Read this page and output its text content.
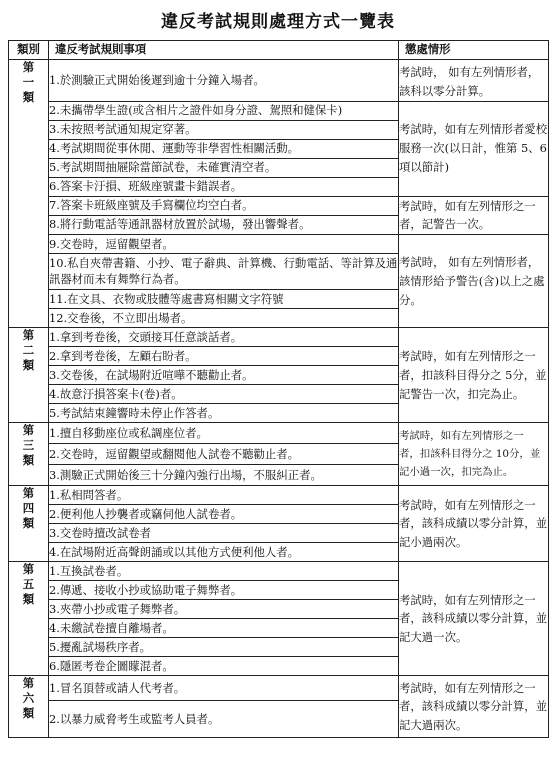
違反考試規則處理方式一覽表
類別	違反考試規則事項	懲處情形

第
一
類	1.於測驗正式開始後遲到逾十分鐘入場者。	考試時， 如有左列情形者，該科以零分計算。
	2.未攜帶學生證(或含相片之證件如身分證、駕照和健保卡)	考試時，如有左列情形者愛校服務一次(以日計，惟第 5、6 項以節計)
	3.未按照考試通知規定穿著。	
	4.考試期間從事休閒、運動等非學習性相關活動。	
	5.考試期間抽屜除當節試卷，未確實清空者。	
	6.答案卡汙損、班級座號畫卡錯誤者。	
	7.答案卡班級座號及手寫欄位均空白者。	考試時，如有左列情形之一者，記警告一次。
	8.將行動電話等通訊器材放置於試場，發出響聲者。	
	9.交卷時，逗留觀望者。	考試時， 如有左列情形者，該情形給予警告(含)以上之處分。
	10.私自夾帶書籍、小抄、電子辭典、計算機、行動電話、等計算及通訊器材而未有舞弊行為者。	
	11.在文具、衣物或肢體等處書寫相關文字符號	
	12.交卷後，不立即出場者。	

第
二
類	1.拿到考卷後，交頭接耳任意談話者。	考試時，如有左列情形之一者，扣該科目得分之 5分，並記警告一次，扣完為止。
	2.拿到考卷後，左顧右盼者。	
	3.交卷後，在試場附近喧嘩不聽勸止者。	
	4.故意汙損答案卡(卷)者。	
	5.考試結束鐘響時未停止作答者。	

第
三
類	1.擅自移動座位或私調座位者。	考試時，如有左列情形之一者，扣該科目得分之 10分，並記小過一次，扣完為止。
	2.交卷時，逗留觀望或翻閱他人試卷不聽勸止者。	
	3.測驗正式開始後三十分鐘內強行出場，不服糾正者。	

第
四
類	1.私相問答者。	考試時，如有左列情形之一者，該科成績以零分計算，並記小過兩次。
	2.便利他人抄襲者或竊伺他人試卷者。	
	3.交卷時擅改試卷者	
	4.在試場附近高聲朗誦或以其他方式便利他人者。	

第
五
類	1.互換試卷者。	考試時，如有左列情形之一者，該科成績以零分計算，並記大過一次。
	2.傳遞、接收小抄或協助電子舞弊者。	
	3.夾帶小抄或電子舞弊者。	
	4.未繳試卷擅自離場者。	
	5.擾亂試場秩序者。	
	6.隱匿考卷企圖矇混者。	

第
六
類	1.冒名頂替或請人代考者。	考試時，如有左列情形之一者，該科成績以零分計算，並記大過兩次。
	2.以暴力威脅考生或監考人員者。	
